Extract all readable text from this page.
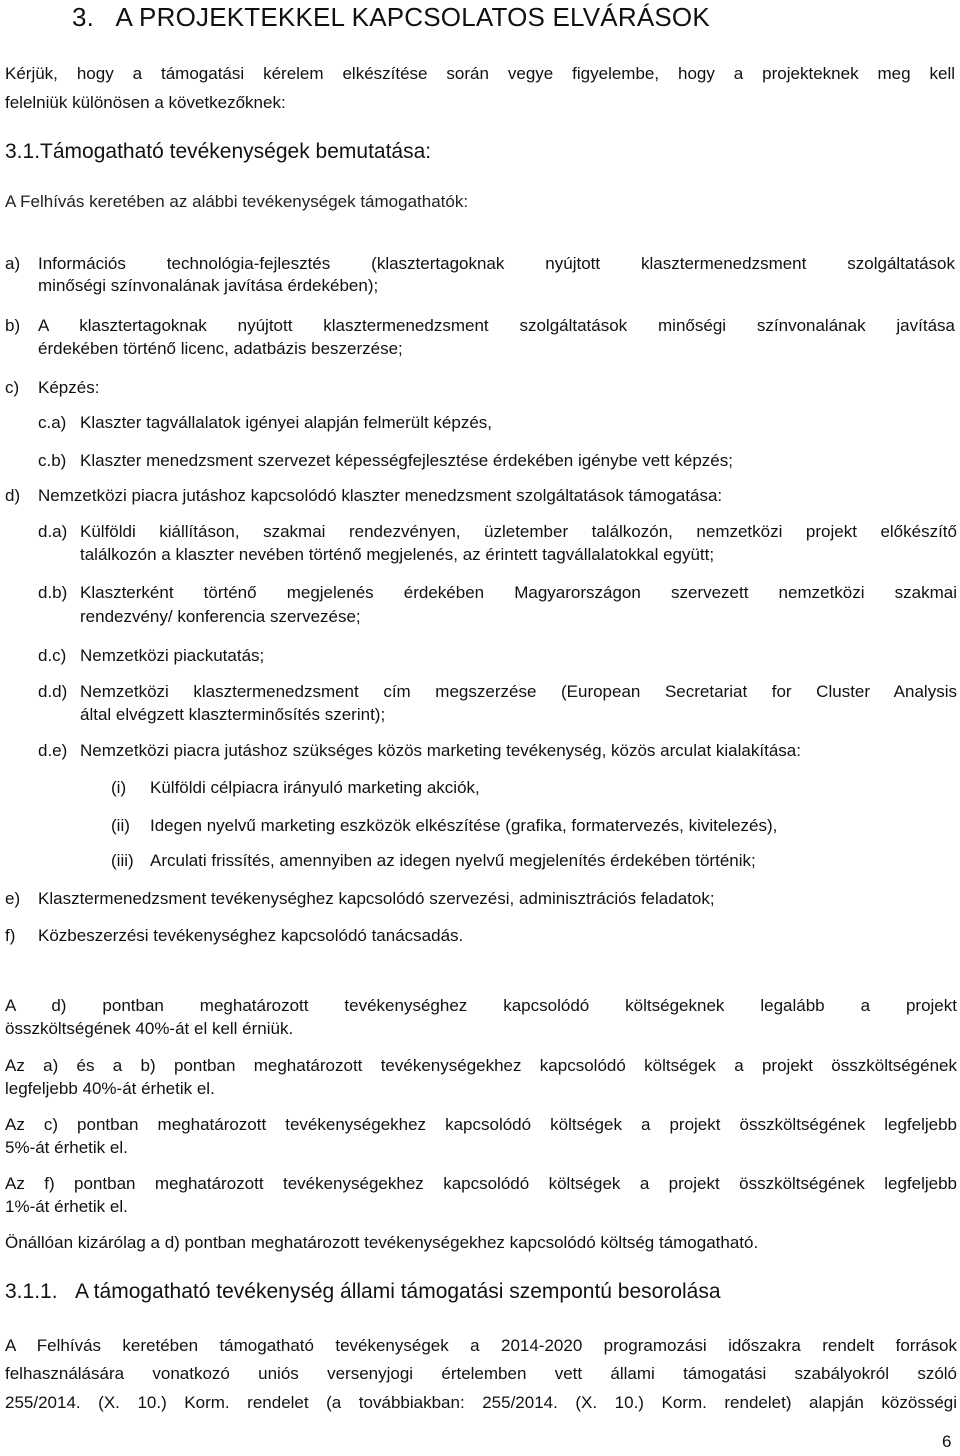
3. A PROJEKTEKKEL KAPCSOLATOS ELVÁRÁSOK
Kérjük, hogy a támogatási kérelem elkészítése során vegye figyelembe, hogy a projekteknek meg kell
felelniük különösen a következőknek:
3.1.Támogatható tevékenységek bemutatása:
A Felhívás keretében az alábbi tevékenységek támogathatók:
a) Információs technológia-fejlesztés (klasztertagoknak nyújtott klasztermenedzsment szolgáltatások
minőségi színvonalának javítása érdekében);
b) A klasztertagoknak nyújtott klasztermenedzsment szolgáltatások minőségi színvonalának javítása
érdekében történő licenc, adatbázis beszerzése;
c) Képzés:
c.a) Klaszter tagvállalatok igényei alapján felmerült képzés,
c.b) Klaszter menedzsment szervezet képességfejlesztése érdekében igénybe vett képzés;
d) Nemzetközi piacra jutáshoz kapcsolódó klaszter menedzsment szolgáltatások támogatása:
d.a) Külföldi kiállításon, szakmai rendezvényen, üzletember találkozón, nemzetközi projekt előkészítő
találkozón a klaszter nevében történő megjelenés, az érintett tagvállalatokkal együtt;
d.b) Klaszterként történő megjelenés érdekében Magyarországon szervezett nemzetközi szakmai
rendezvény/ konferencia szervezése;
d.c) Nemzetközi piackutatás;
d.d) Nemzetközi klasztermenedzsment cím megszerzése (European Secretariat for Cluster Analysis
által elvégzett klaszterminősítés szerint);
d.e) Nemzetközi piacra jutáshoz szükséges közös marketing tevékenység, közös arculat kialakítása:
(i) Külföldi célpiacra irányuló marketing akciók,
(ii) Idegen nyelvű marketing eszközök elkészítése (grafika, formatervezés, kivitelezés),
(iii) Arculati frissítés, amennyiben az idegen nyelvű megjelenítés érdekében történik;
e) Klasztermenedzsment tevékenységhez kapcsolódó szervezési, adminisztrációs feladatok;
f) Közbeszerzési tevékenységhez kapcsolódó tanácsadás.
A d) pontban meghatározott tevékenységhez kapcsolódó költségeknek legalább a projekt
összköltségének 40%-át el kell érniük.
Az a) és a b) pontban meghatározott tevékenységekhez kapcsolódó költségek a projekt összköltségének
legfeljebb 40%-át érhetik el.
Az c) pontban meghatározott tevékenységekhez kapcsolódó költségek a projekt összköltségének legfeljebb
5%-át érhetik el.
Az f) pontban meghatározott tevékenységekhez kapcsolódó költségek a projekt összköltségének legfeljebb
1%-át érhetik el.
Önállóan kizárólag a d) pontban meghatározott tevékenységekhez kapcsolódó költség támogatható.
3.1.1. A támogatható tevékenység állami támogatási szempontú besorolása
A Felhívás keretében támogatható tevékenységek a 2014-2020 programozási időszakra rendelt források
felhasználására vonatkozó uniós versenyjogi értelemben vett állami támogatási szabályokról szóló
255/2014. (X. 10.) Korm. rendelet (a továbbiakban: 255/2014. (X. 10.) Korm. rendelet) alapján közösségi
6
